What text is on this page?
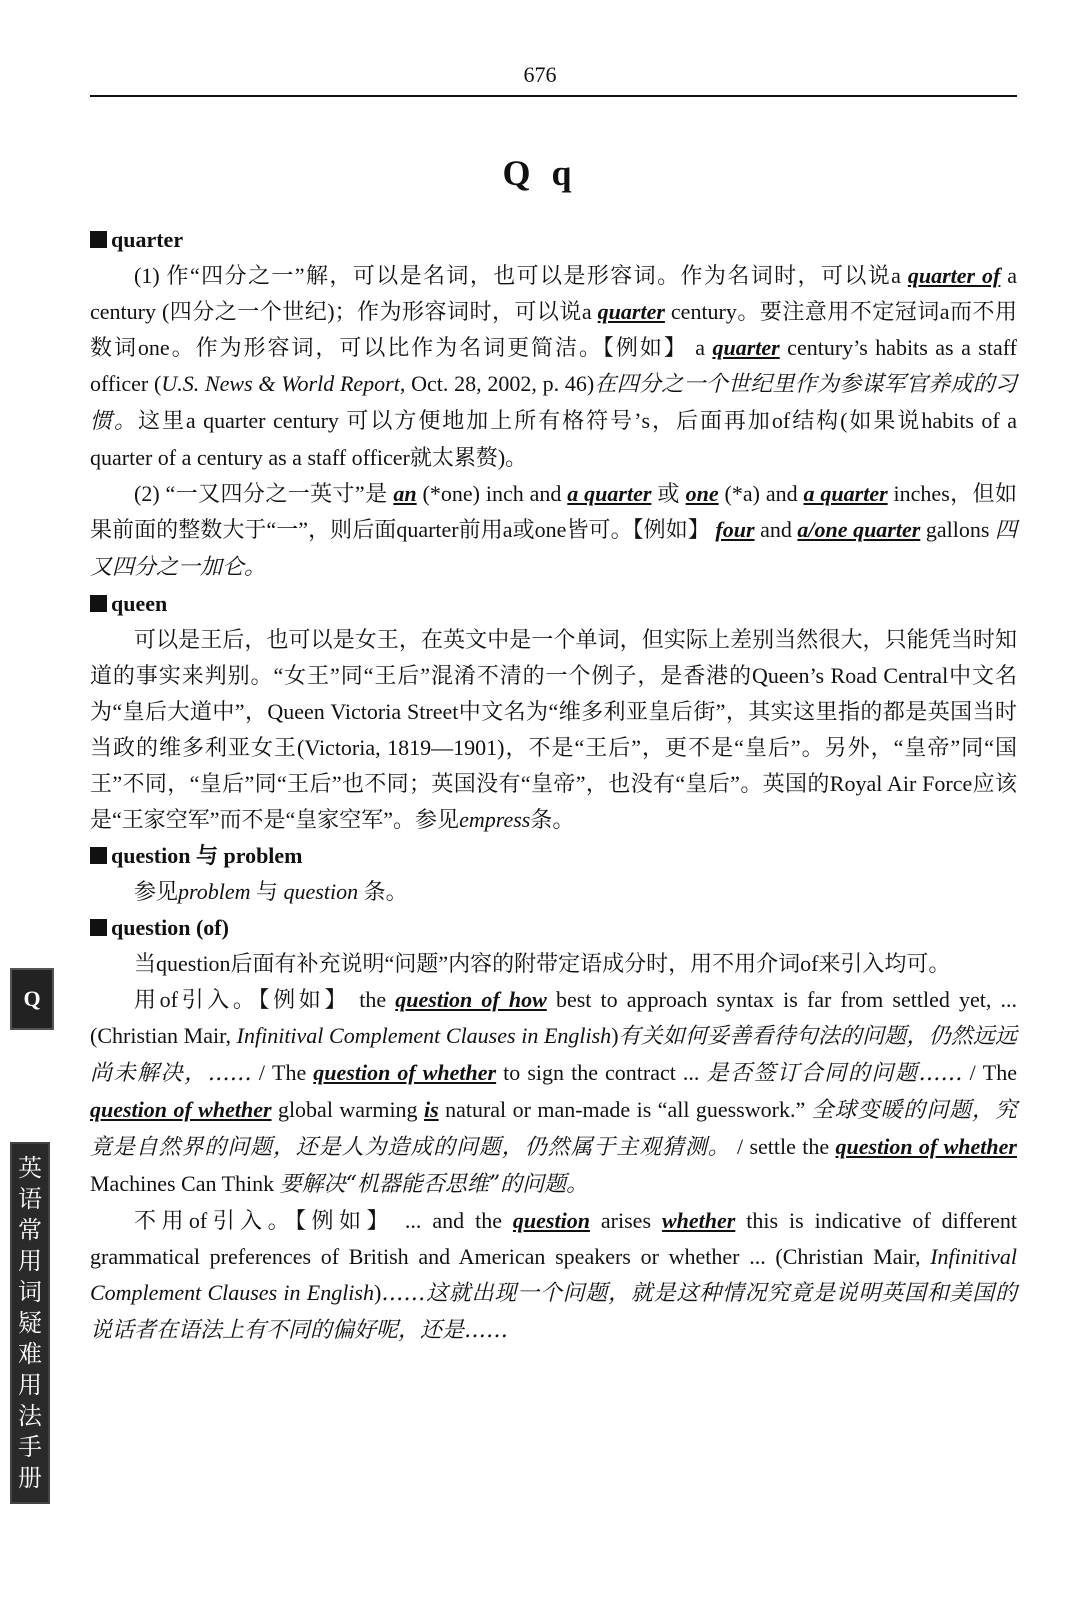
676
Q q
quarter

(1) 作“四分之一”解，可以是名词，也可以是形容词。作为名词时，可以说a quarter of a century (四分之一个世纪)；作为形容词时，可以说a quarter century。要注意用不定冠词a而不用数词one。作为形容词，可以比作为名词更简洁。【例如】 a quarter century’s habits as a staff officer (U.S. News & World Report, Oct. 28, 2002, p. 46)在四分之一个世纪里作为参谋军官养成的习惯。这里a quarter century 可以方便地加上所有格符号’s，后面再加of结构(如果说habits of a quarter of a century as a staff officer就太累赘)。

(2) “一又四分之一英寸”是 an (*one) inch and a quarter 或 one (*a) and a quarter inches，但如果前面的整数大于“一”，则后面quarter前用a或one皆可。【例如】 four and a/one quarter gallons 四又四分之一加仑。

queen

可以是王后，也可以是女王，在英文中是一个单词，但实际上差别当然很大，只能凭当时知道的事实来判别。“女王”同“王后”混淆不清的一个例子，是香港的Queen’s Road Central中文名为“皇后大道中”，Queen Victoria Street中文名为“维多利亚皇后街”，其实这里指的都是英国当时当政的维多利亚女王(Victoria, 1819—1901)，不是“王后”，更不是“皇后”。另外，“皇帝”同“国王”不同，“皇后”同“王后”也不同；英国没有“皇帝”，也没有“皇后”。英国的Royal Air Force应该是“王家空军”而不是“皇家空军”。参见empress条。

question 与 problem

参见problem 与 question 条。

question (of)

当question后面有补充说明“问题”内容的附带定语成分时，用不用介词of来引入均可。

用of引入。【例如】 the question of how best to approach syntax is far from settled yet, ... (Christian Mair, Infinitival Complement Clauses in English)有关如何妥善看待句法的问题，仍然远远尚未解决，…… / The question of whether to sign the contract ... 是否签订合同的问题…… / The question of whether global warming is natural or man-made is “all guesswork.” 全球变暖的问题，究竟是自然界的问题，还是人为造成的问题，仍然属于主观猜测。 / settle the question of whether Machines Can Think 要解决“机器能否思维”的问题。

不用of引入。【例如】 ... and the question arises whether this is indicative of different grammatical preferences of British and American speakers or whether ... (Christian Mair, Infinitival Complement Clauses in English)……这就出现一个问题，就是这种情况究竟是说明英国和美国的说话者在语法上有不同的偏好呢，还是……

Q
英
语
常
用
词
疑
难
用
法
手
册
